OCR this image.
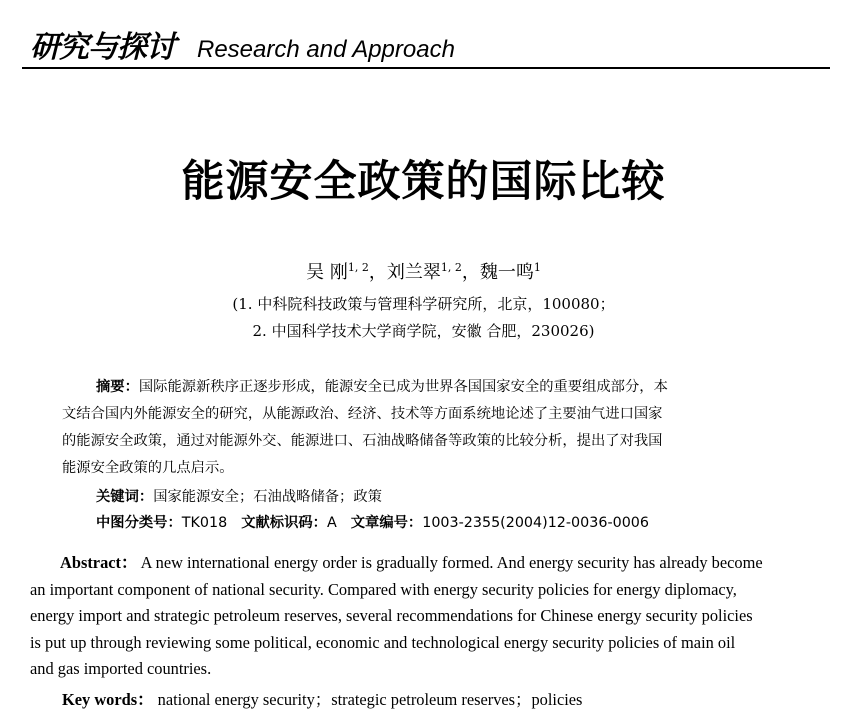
研究与探讨 Research and Approach
能源安全政策的国际比较
吴 刚$^{1, 2}$，刘兰翠$^{1, 2}$，魏一鸣$^1$
(1. 中科院科技政策与管理科学研究所，北京，100080；
2. 中国科学技术大学商学院，安徽 合肥，230026)
摘要：国际能源新秩序正逐步形成，能源安全已成为世界各国国家安全的重要组成部分，本
文结合国内外能源安全的研究，从能源政治、经济、技术等方面系统地论述了主要油气进口国家
的能源安全政策，通过对能源外交、能源进口、石油战略储备等政策的比较分析，提出了对我国
能源安全政策的几点启示。
关键词：国家能源安全；石油战略储备；政策
中图分类号：TK018 文献标识码：A 文章编号：1003-2355(2004)12-0036-0006
Abstract： A new international energy order is gradually formed. And energy security has already become
an important component of national security. Compared with energy security policies for energy diplomacy,
energy import and strategic petroleum reserves, several recommendations for Chinese energy security policies
is put up through reviewing some political, economic and technological energy security policies of main oil
and gas imported countries.
Key words： national energy security；strategic petroleum reserves；policies
